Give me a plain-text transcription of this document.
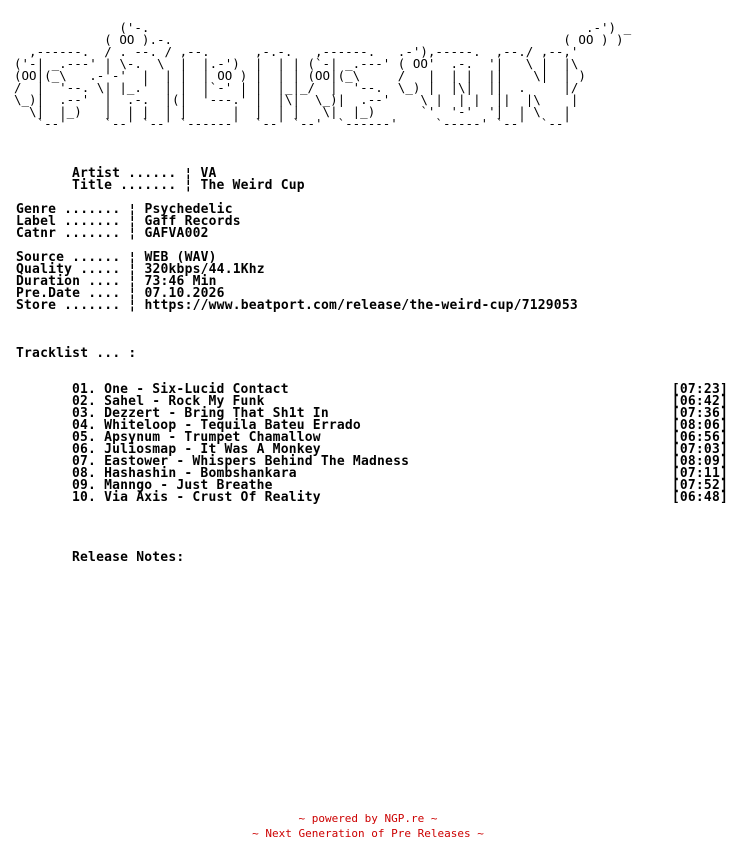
('-.                                                          .-') _
( OO ).-.                                                    ( OO ) )
,------.  / . --. / ,--.      ,-.-.   ,------.   .-'),-----.  ,--./ ,--,'
('-| _.---' | \-.  \  |  |.-')  |  | | (`-| _.---' ( OO'  .-.  '|   \ |  |\
(OO|(_\   .-'-'  |  | |  | OO ) |  | | (OO|(_\     /   |  | |  ||    \|  | )
/  |  '--. \| |_.'  | |  |`-' | |  |_|_/  |  '--.  \_) |  |\|  ||  .     |/
\_)|  .--'  |  .-.  |(|  '---.' |  |\|  \_)|  .--'    \ |  | |  ||  |\    |
\|  |_)   |  | |  | |      |  |  | |   \|  |_)      `'  '-'  '|  | \   |
`--'     `--' `--' `------'  `--' `--'  `------'     `-----' `--'  `--'
Artist ...... ¦ VA
Title ....... ¦ The Weird Cup
Genre ....... ¦ Psychedelic
Label ....... ¦ Gaff Records
Catnr ....... ¦ GAFVA002
Source ...... ¦ WEB (WAV)
Quality ..... ¦ 320kbps/44.1Khz
Duration .... ¦ 73:46 Min
Pre.Date .... ¦ 07.10.2026
Store ....... ¦ https://www.beatport.com/release/the-weird-cup/7129053
Tracklist ... :
01. One - Six-Lucid Contact	[07:23]
02. Sahel - Rock My Funk	[06:42]
03. Dezzert - Bring That Sh1t In	[07:36]
04. Whiteloop - Tequila Bateu Errado	[08:06]
05. Apsynum - Trumpet Chamallow	[06:56]
06. Juliosmap - It Was A Monkey	[07:03]
07. Eastower - Whispers Behind The Madness	[08:09]
08. Hashashin - Bombshankara	[07:11]
09. Manngo - Just Breathe	[07:52]
10. Via Axis - Crust Of Reality	[06:48]
Release Notes:
~ powered by NGP.re ~
~ Next Generation of Pre Releases ~
